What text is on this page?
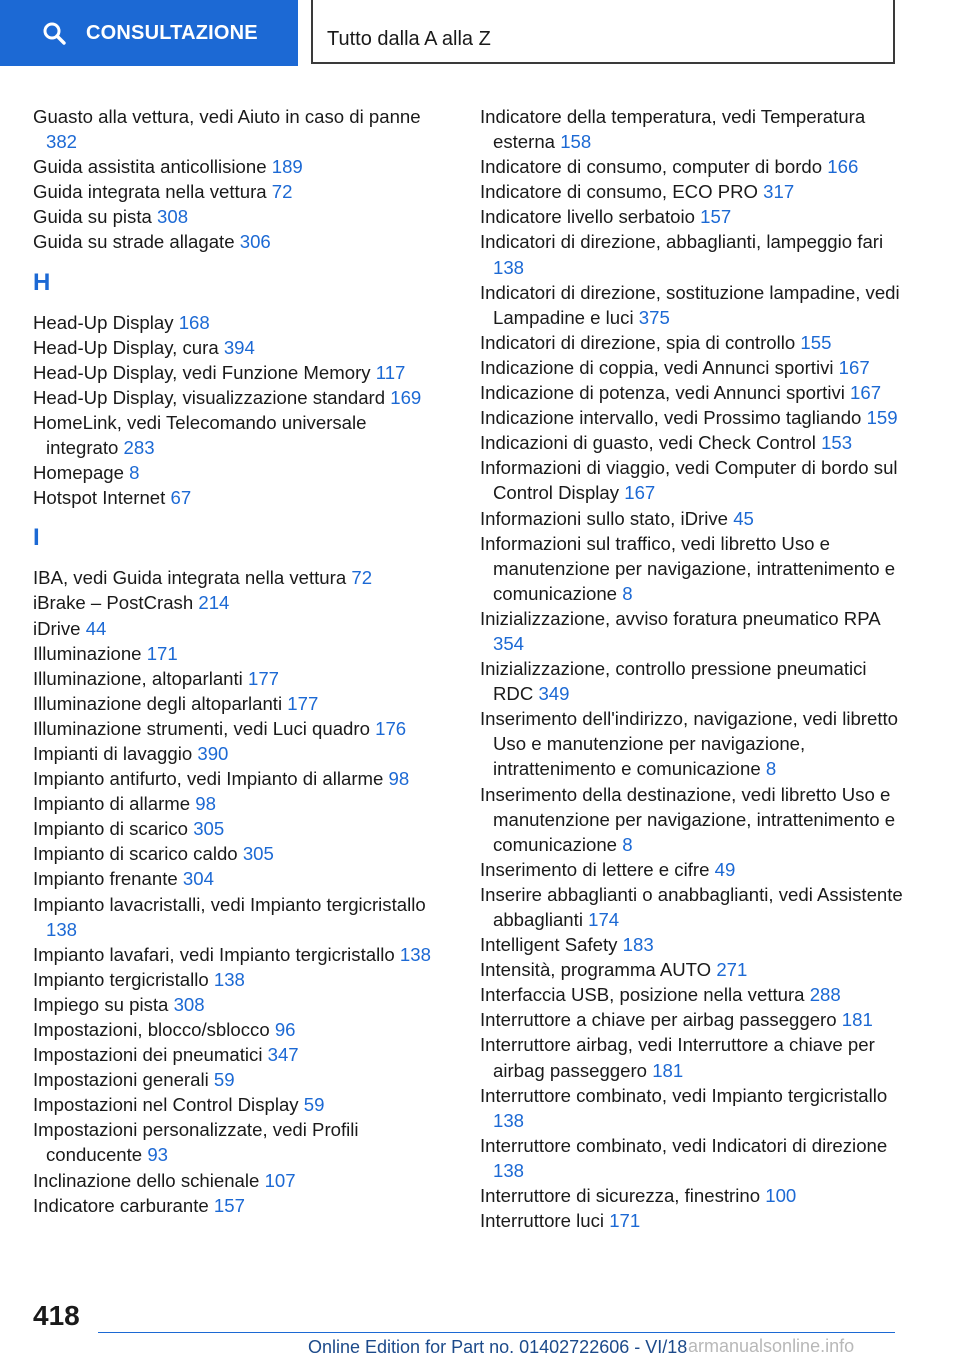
CONSULTAZIONE	Tutto dalla A alla Z
Guasto alla vettura, vedi Aiuto in caso di panne 382
Guida assistita anticollisione 189
Guida integrata nella vettura 72
Guida su pista 308
Guida su strade allagate 306
H
Head-Up Display 168
Head-Up Display, cura 394
Head-Up Display, vedi Funzione Memory 117
Head-Up Display, visualizzazione standard 169
HomeLink, vedi Telecomando universale integrato 283
Homepage 8
Hotspot Internet 67
I
IBA, vedi Guida integrata nella vettura 72
iBrake – PostCrash 214
iDrive 44
Illuminazione 171
Illuminazione, altoparlanti 177
Illuminazione degli altoparlanti 177
Illuminazione strumenti, vedi Luci quadro 176
Impianti di lavaggio 390
Impianto antifurto, vedi Impianto di allarme 98
Impianto di allarme 98
Impianto di scarico 305
Impianto di scarico caldo 305
Impianto frenante 304
Impianto lavacristalli, vedi Impianto tergicristallo 138
Impianto lavafari, vedi Impianto tergicristallo 138
Impianto tergicristallo 138
Impiego su pista 308
Impostazioni, blocco/sblocco 96
Impostazioni dei pneumatici 347
Impostazioni generali 59
Impostazioni nel Control Display 59
Impostazioni personalizzate, vedi Profili conducente 93
Inclinazione dello schienale 107
Indicatore carburante 157
Indicatore della temperatura, vedi Temperatura esterna 158
Indicatore di consumo, computer di bordo 166
Indicatore di consumo, ECO PRO 317
Indicatore livello serbatoio 157
Indicatori di direzione, abbaglianti, lampeggio fari 138
Indicatori di direzione, sostituzione lampadine, vedi Lampadine e luci 375
Indicatori di direzione, spia di controllo 155
Indicazione di coppia, vedi Annunci sportivi 167
Indicazione di potenza, vedi Annunci sportivi 167
Indicazione intervallo, vedi Prossimo tagliando 159
Indicazioni di guasto, vedi Check Control 153
Informazioni di viaggio, vedi Computer di bordo sul Control Display 167
Informazioni sullo stato, iDrive 45
Informazioni sul traffico, vedi libretto Uso e manutenzione per navigazione, intrattenimento e comunicazione 8
Inizializzazione, avviso foratura pneumatico RPA 354
Inizializzazione, controllo pressione pneumatici RDC 349
Inserimento dell'indirizzo, navigazione, vedi libretto Uso e manutenzione per navigazione, intrattenimento e comunicazione 8
Inserimento della destinazione, vedi libretto Uso e manutenzione per navigazione, intrattenimento e comunicazione 8
Inserimento di lettere e cifre 49
Inserire abbaglianti o anabbaglianti, vedi Assistente abbaglianti 174
Intelligent Safety 183
Intensità, programma AUTO 271
Interfaccia USB, posizione nella vettura 288
Interruttore a chiave per airbag passeggero 181
Interruttore airbag, vedi Interruttore a chiave per airbag passeggero 181
Interruttore combinato, vedi Impianto tergicristallo 138
Interruttore combinato, vedi Indicatori di direzione 138
Interruttore di sicurezza, finestrino 100
Interruttore luci 171
418
Online Edition for Part no. 01402722606 - VI/18 armanualsonline.info
